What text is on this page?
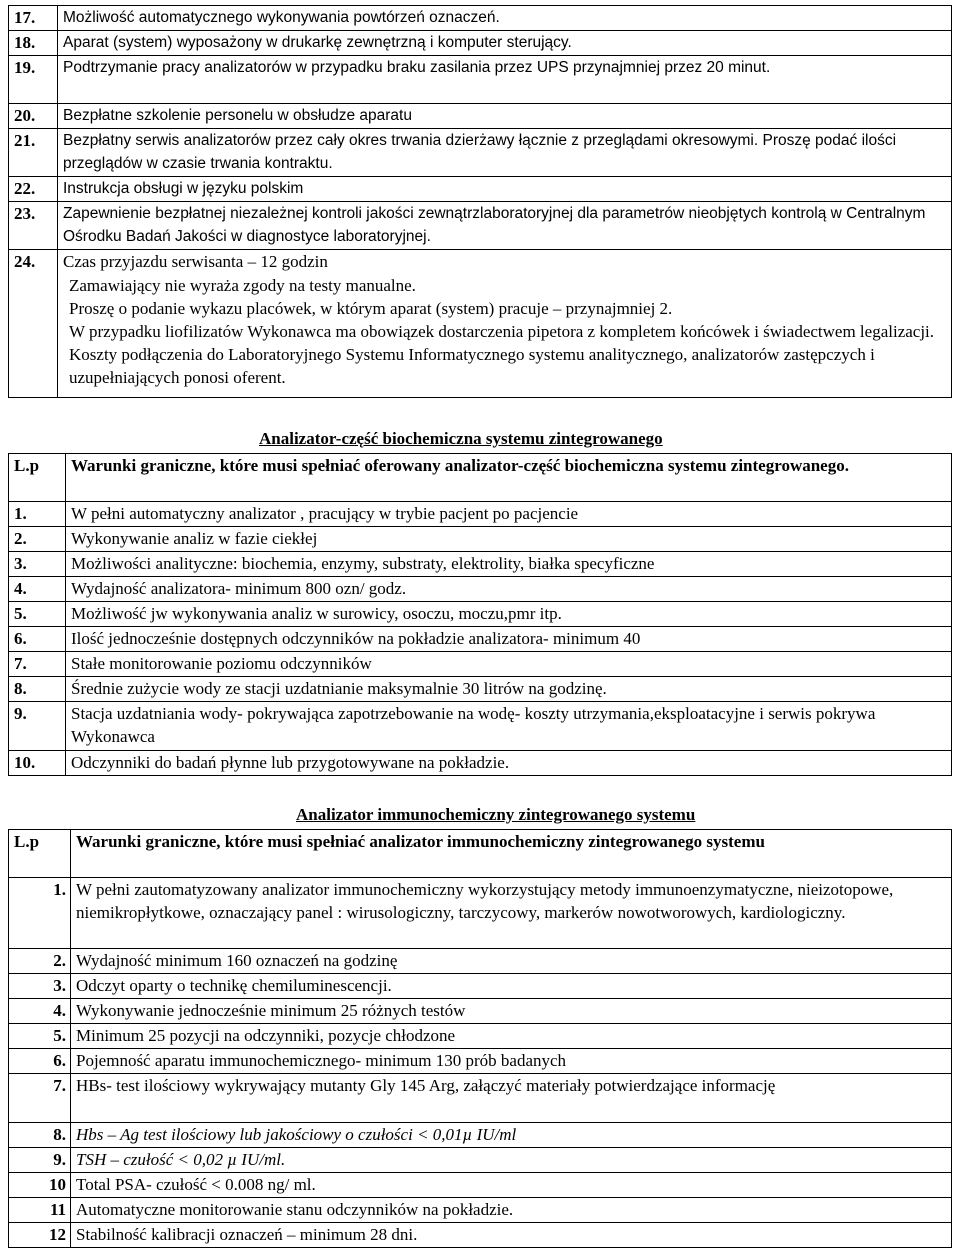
17.	Możliwość automatycznego wykonywania powtórzeń oznaczeń.
18.	Aparat (system) wyposażony w drukarkę zewnętrzną i komputer sterujący.
19.	Podtrzymanie pracy analizatorów w przypadku braku zasilania przez UPS przynajmniej przez 20 minut.
20.	Bezpłatne szkolenie personelu w obsłudze aparatu
21.	Bezpłatny serwis analizatorów przez cały okres trwania dzierżawy łącznie z przeglądami okresowymi. Proszę podać ilości przeglądów w czasie trwania kontraktu.
22.	Instrukcja obsługi w języku polskim
23.	Zapewnienie bezpłatnej niezależnej kontroli jakości zewnątrzlaboratoryjnej dla parametrów nieobjętych kontrolą w Centralnym Ośrodku Badań Jakości w diagnostyce laboratoryjnej.
24.	Czas przyjazdu serwisanta – 12 godzin
Zamawiający nie wyraża zgody na testy manualne.
Proszę o podanie wykazu placówek, w którym aparat (system) pracuje – przynajmniej 2.
W przypadku liofilizatów Wykonawca ma obowiązek dostarczenia pipetora z kompletem końcówek i świadectwem legalizacji. Koszty podłączenia do Laboratoryjnego Systemu Informatycznego systemu analitycznego, analizatorów zastępczych i uzupełniających ponosi oferent.
Analizator-część biochemiczna systemu zintegrowanego
L.p	Warunki graniczne, które musi spełniać oferowany analizator-część biochemiczna systemu zintegrowanego.
1.	W pełni automatyczny analizator , pracujący w trybie pacjent po pacjencie
2.	Wykonywanie analiz w fazie ciekłej
3.	Możliwości analityczne: biochemia, enzymy, substraty, elektrolity, białka specyficzne
4.	Wydajność analizatora- minimum 800 ozn/ godz.
5.	Możliwość jw wykonywania analiz w surowicy, osoczu, moczu,pmr itp.
6.	Ilość jednocześnie dostępnych odczynników na pokładzie analizatora- minimum 40
7.	Stałe monitorowanie poziomu odczynników
8.	Średnie zużycie wody ze stacji uzdatnianie maksymalnie 30 litrów na godzinę.
9.	Stacja uzdatniania wody- pokrywająca zapotrzebowanie na wodę- koszty utrzymania,eksploatacyjne i serwis pokrywa Wykonawca
10.	Odczynniki do badań płynne lub przygotowywane na pokładzie.
Analizator immunochemiczny zintegrowanego systemu
L.p	Warunki graniczne, które musi spełniać analizator immunochemiczny zintegrowanego systemu
1.	W pełni zautomatyzowany analizator immunochemiczny wykorzystujący metody immunoenzymatyczne, nieizotopowe, niemikropłytkowe, oznaczający panel : wirusologiczny, tarczycowy, markerów nowotworowych, kardiologiczny.
2.	Wydajność minimum 160 oznaczeń na godzinę
3.	Odczyt oparty o technikę chemiluminescencji.
4.	Wykonywanie jednocześnie minimum 25 różnych testów
5.	Minimum 25 pozycji na odczynniki, pozycje chłodzone
6.	Pojemność aparatu immunochemicznego- minimum 130 prób badanych
7.	HBs- test ilościowy wykrywający mutanty Gly 145 Arg, załączyć materiały potwierdzające informację
8.	Hbs – Ag test ilościowy lub jakościowy o czułości < 0,01µ IU/ml
9.	TSH – czułość < 0,02 µ IU/ml.
10	Total PSA- czułość < 0.008 ng/ ml.
11	Automatyczne monitorowanie stanu odczynników na pokładzie.
12	Stabilność kalibracji oznaczeń – minimum 28 dni.
